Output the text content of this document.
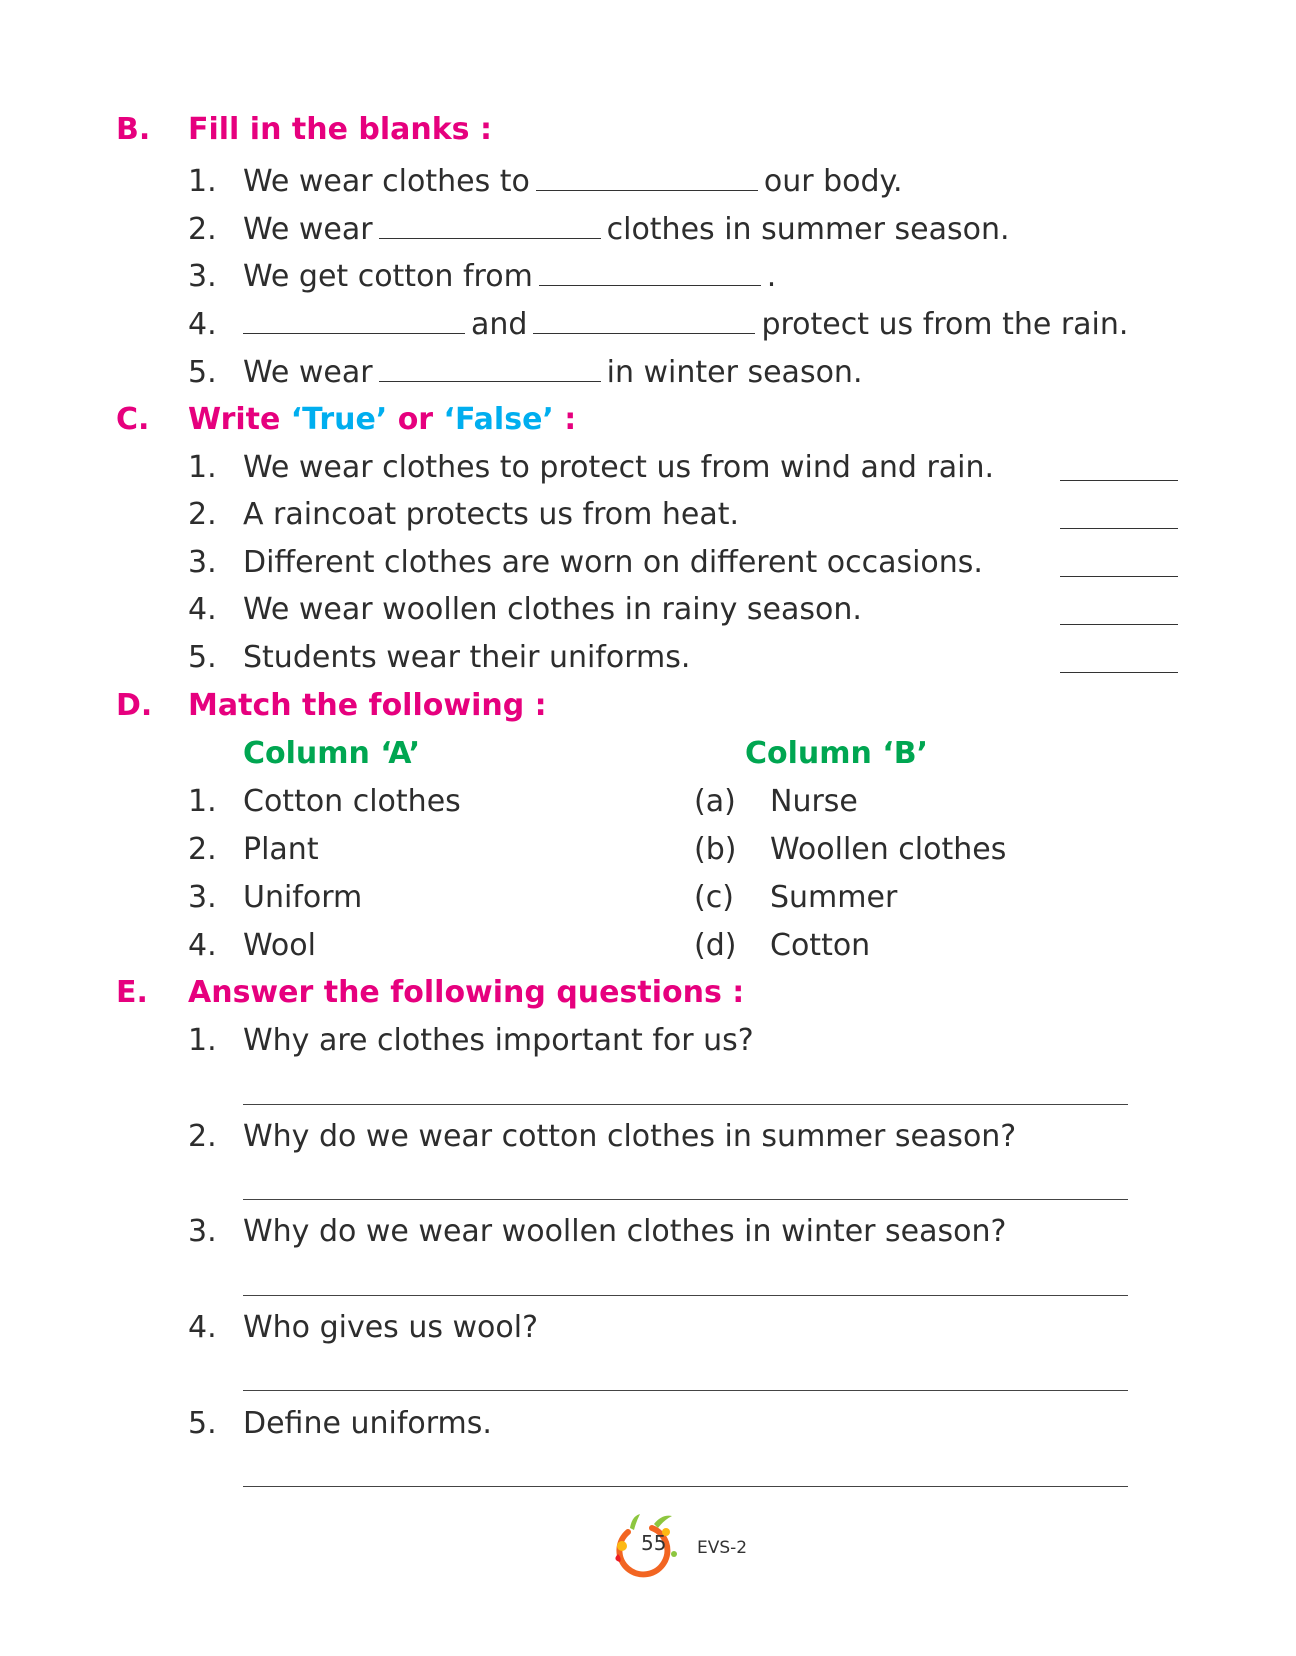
B. Fill in the blanks :
1. We wear clothes to	our body.
2. We wear	clothes in summer season.
3. We get cotton from	.
4.	and	protect us from the rain.
5. We wear	in winter season.
C. Write ‘True’ or ‘False’ :
1. We wear clothes to protect us from wind and rain.
2. A raincoat protects us from heat.
3. Different clothes are worn on different occasions.
4. We wear woollen clothes in rainy season.
5. Students wear their uniforms.
D. Match the following :
Column ‘A’	Column ‘B’
1. Cotton clothes	(a) Nurse
2. Plant	(b) Woollen clothes
3. Uniform	(c) Summer
4. Wool	(d) Cotton
E. Answer the following questions :
1. Why are clothes important for us?
2. Why do we wear cotton clothes in summer season?
3. Why do we wear woollen clothes in winter season?
4. Who gives us wool?
5. Define uniforms.
55 EVS-2
